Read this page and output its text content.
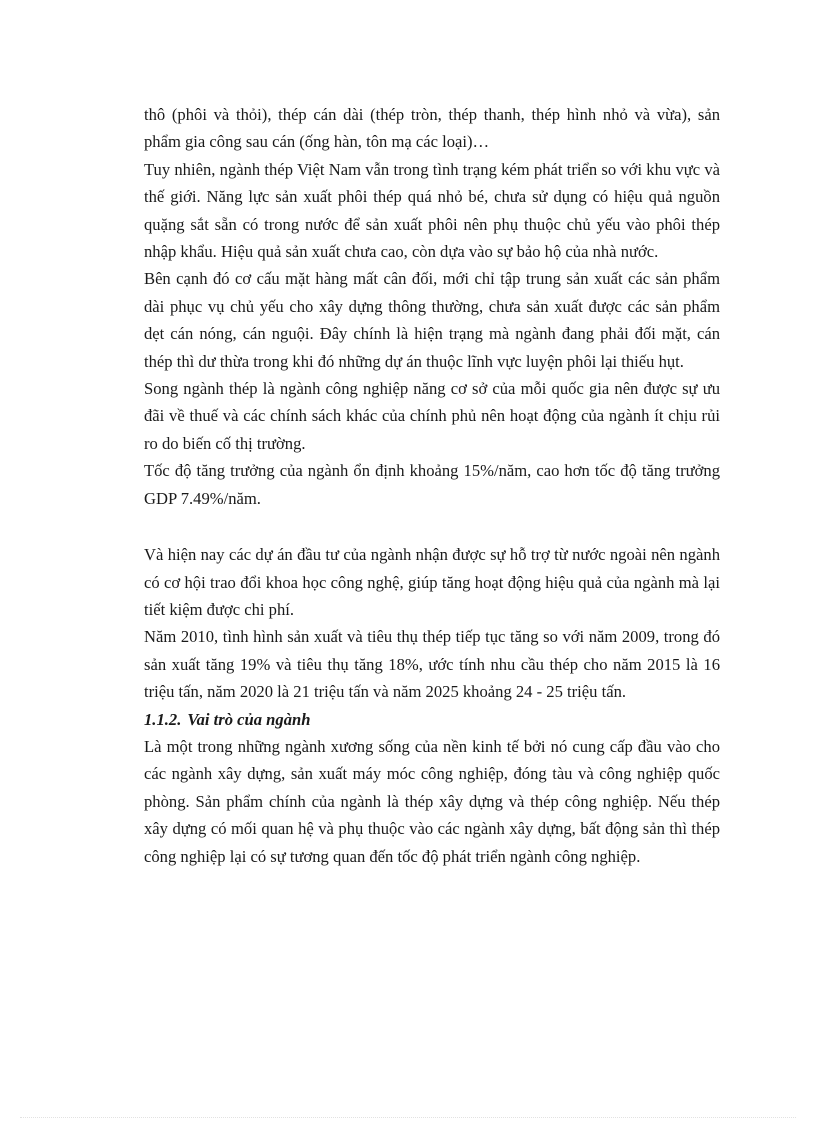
thô (phôi và thỏi), thép cán dài (thép tròn, thép thanh, thép hình nhỏ và vừa), sản phẩm gia công sau cán (ống hàn, tôn mạ các loại)…

Tuy nhiên, ngành thép Việt Nam vẫn trong tình trạng kém phát triển so với khu vực và thế giới. Năng lực sản xuất phôi thép quá nhỏ bé, chưa sử dụng có hiệu quả nguồn quặng sắt sẵn có trong nước để sản xuất phôi nên phụ thuộc chủ yếu vào phôi thép nhập khẩu. Hiệu quả sản xuất chưa cao, còn dựa vào sự bảo hộ của nhà nước.

Bên cạnh đó cơ cấu mặt hàng mất cân đối, mới chỉ tập trung sản xuất các sản phẩm dài phục vụ chủ yếu cho xây dựng thông thường, chưa sản xuất được các sản phẩm dẹt cán nóng, cán nguội. Đây chính là hiện trạng mà ngành đang phải đối mặt, cán thép thì dư thừa trong khi đó những dự án thuộc lĩnh vực luyện phôi lại thiếu hụt.

Song ngành thép là ngành công nghiệp năng cơ sở của mỗi quốc gia nên được sự ưu đãi về thuế và các chính sách khác của chính phủ nên hoạt động của ngành ít chịu rủi ro do biến cố thị trường.

Tốc độ tăng trưởng của ngành ổn định khoảng 15%/năm, cao hơn tốc độ tăng trưởng GDP 7.49%/năm.

Và hiện nay các dự án đầu tư của ngành nhận được sự hỗ trợ từ nước ngoài nên ngành có cơ hội trao đổi khoa học công nghệ, giúp tăng hoạt động hiệu quả của ngành mà lại tiết kiệm được chi phí.

Năm 2010, tình hình sản xuất và tiêu thụ thép tiếp tục tăng so với năm 2009, trong đó sản xuất tăng 19% và tiêu thụ tăng 18%, ước tính nhu cầu thép cho năm 2015 là 16 triệu tấn, năm 2020 là 21 triệu tấn và năm 2025 khoảng 24 - 25 triệu tấn.

1.1.2. Vai trò của ngành

Là một trong những ngành xương sống của nền kinh tế bởi nó cung cấp đầu vào cho các ngành xây dựng, sản xuất máy móc công nghiệp, đóng tàu và công nghiệp quốc phòng. Sản phẩm chính của ngành là thép xây dựng và thép công nghiệp. Nếu thép xây dựng có mối quan hệ và phụ thuộc vào các ngành xây dựng, bất động sản thì thép công nghiệp lại có sự tương quan đến tốc độ phát triển ngành công nghiệp.
